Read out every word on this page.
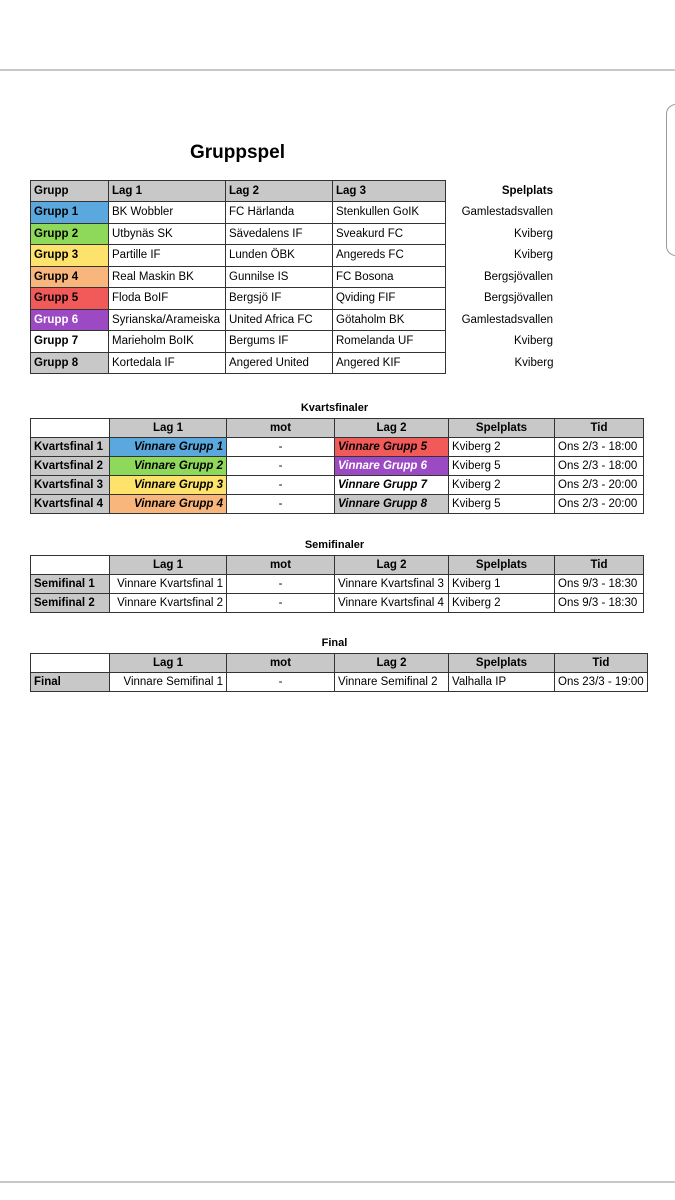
Gruppspel
Grupp	Lag 1	Lag 2	Lag 3	Spelplats
Grupp 1	BK Wobbler	FC Härlanda	Stenkullen GoIK	Gamlestadsvallen
Grupp 2	Utbynäs SK	Sävedalens IF	Sveakurd FC	Kviberg
Grupp 3	Partille IF	Lunden ÖBK	Angereds FC	Kviberg
Grupp 4	Real Maskin BK	Gunnilse IS	FC Bosona	Bergsjövallen
Grupp 5	Floda BoIF	Bergsjö IF	Qviding FIF	Bergsjövallen
Grupp 6	Syrianska/Arameiska	United Africa FC	Götaholm BK	Gamlestadsvallen
Grupp 7	Marieholm BoIK	Bergums IF	Romelanda UF	Kviberg
Grupp 8	Kortedala IF	Angered United	Angered KIF	Kviberg
Kvartsfinaler
	Lag 1	mot	Lag 2	Spelplats	Tid
Kvartsfinal 1	Vinnare Grupp 1	-	Vinnare Grupp 5	Kviberg 2	Ons 2/3 - 18:00
Kvartsfinal 2	Vinnare Grupp 2	-	Vinnare Grupp 6	Kviberg 5	Ons 2/3 - 18:00
Kvartsfinal 3	Vinnare Grupp 3	-	Vinnare Grupp 7	Kviberg 2	Ons 2/3 - 20:00
Kvartsfinal 4	Vinnare Grupp 4	-	Vinnare Grupp 8	Kviberg 5	Ons 2/3 - 20:00
Semifinaler
	Lag 1	mot	Lag 2	Spelplats	Tid
Semifinal 1	Vinnare Kvartsfinal 1	-	Vinnare Kvartsfinal 3	Kviberg 1	Ons 9/3 - 18:30
Semifinal 2	Vinnare Kvartsfinal 2	-	Vinnare Kvartsfinal 4	Kviberg 2	Ons 9/3 - 18:30
Final
	Lag 1	mot	Lag 2	Spelplats	Tid
Final	Vinnare Semifinal 1	-	Vinnare Semifinal 2	Valhalla IP	Ons 23/3 - 19:00
